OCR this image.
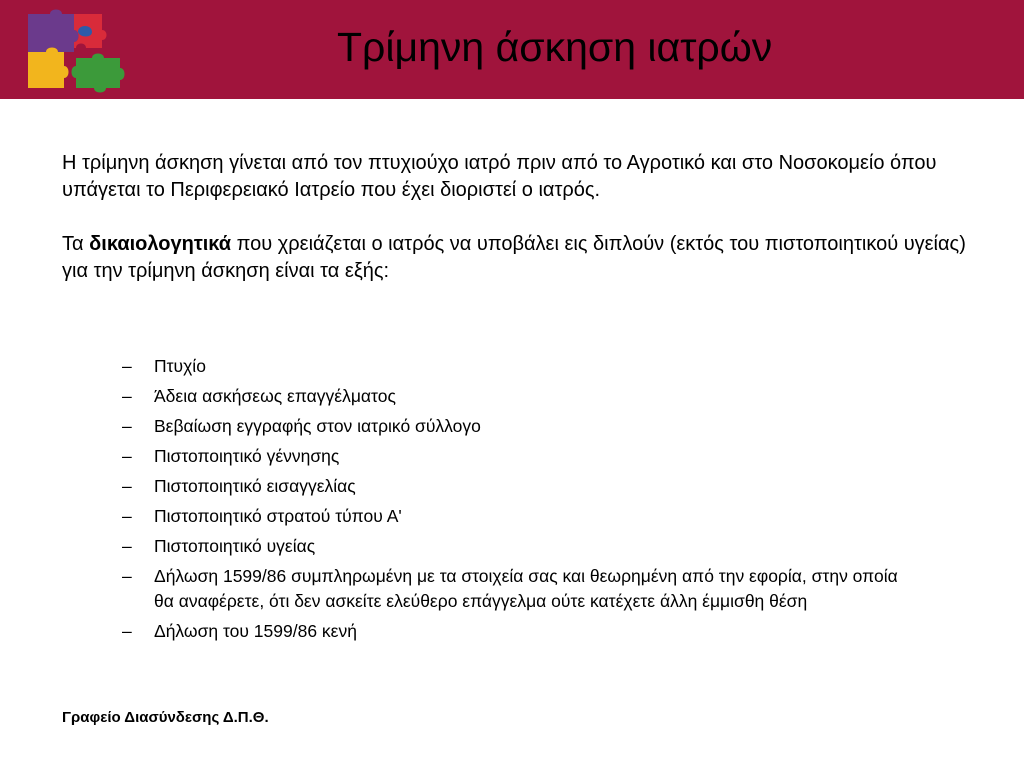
Τρίμηνη άσκηση ιατρών

Η τρίμηνη άσκηση γίνεται από τον πτυχιούχο ιατρό πριν από το Αγροτικό και στο Νοσοκομείο όπου υπάγεται το Περιφερειακό Ιατρείο που έχει διοριστεί ο ιατρός.

Τα δικαιολογητικά που χρειάζεται ο ιατρός να υποβάλει εις διπλούν (εκτός του πιστοποιητικού υγείας) για την τρίμηνη άσκηση είναι τα εξής:

– Πτυχίο
– Άδεια ασκήσεως επαγγέλματος
– Βεβαίωση εγγραφής στον ιατρικό σύλλογο
– Πιστοποιητικό γέννησης
– Πιστοποιητικό εισαγγελίας
– Πιστοποιητικό στρατού τύπου Α'
– Πιστοποιητικό υγείας
– Δήλωση 1599/86 συμπληρωμένη με τα στοιχεία σας και θεωρημένη από την εφορία, στην οποία θα αναφέρετε, ότι δεν ασκείτε ελεύθερο επάγγελμα ούτε κατέχετε άλλη έμμισθη θέση
– Δήλωση του 1599/86 κενή

Γραφείο Διασύνδεσης Δ.Π.Θ.
